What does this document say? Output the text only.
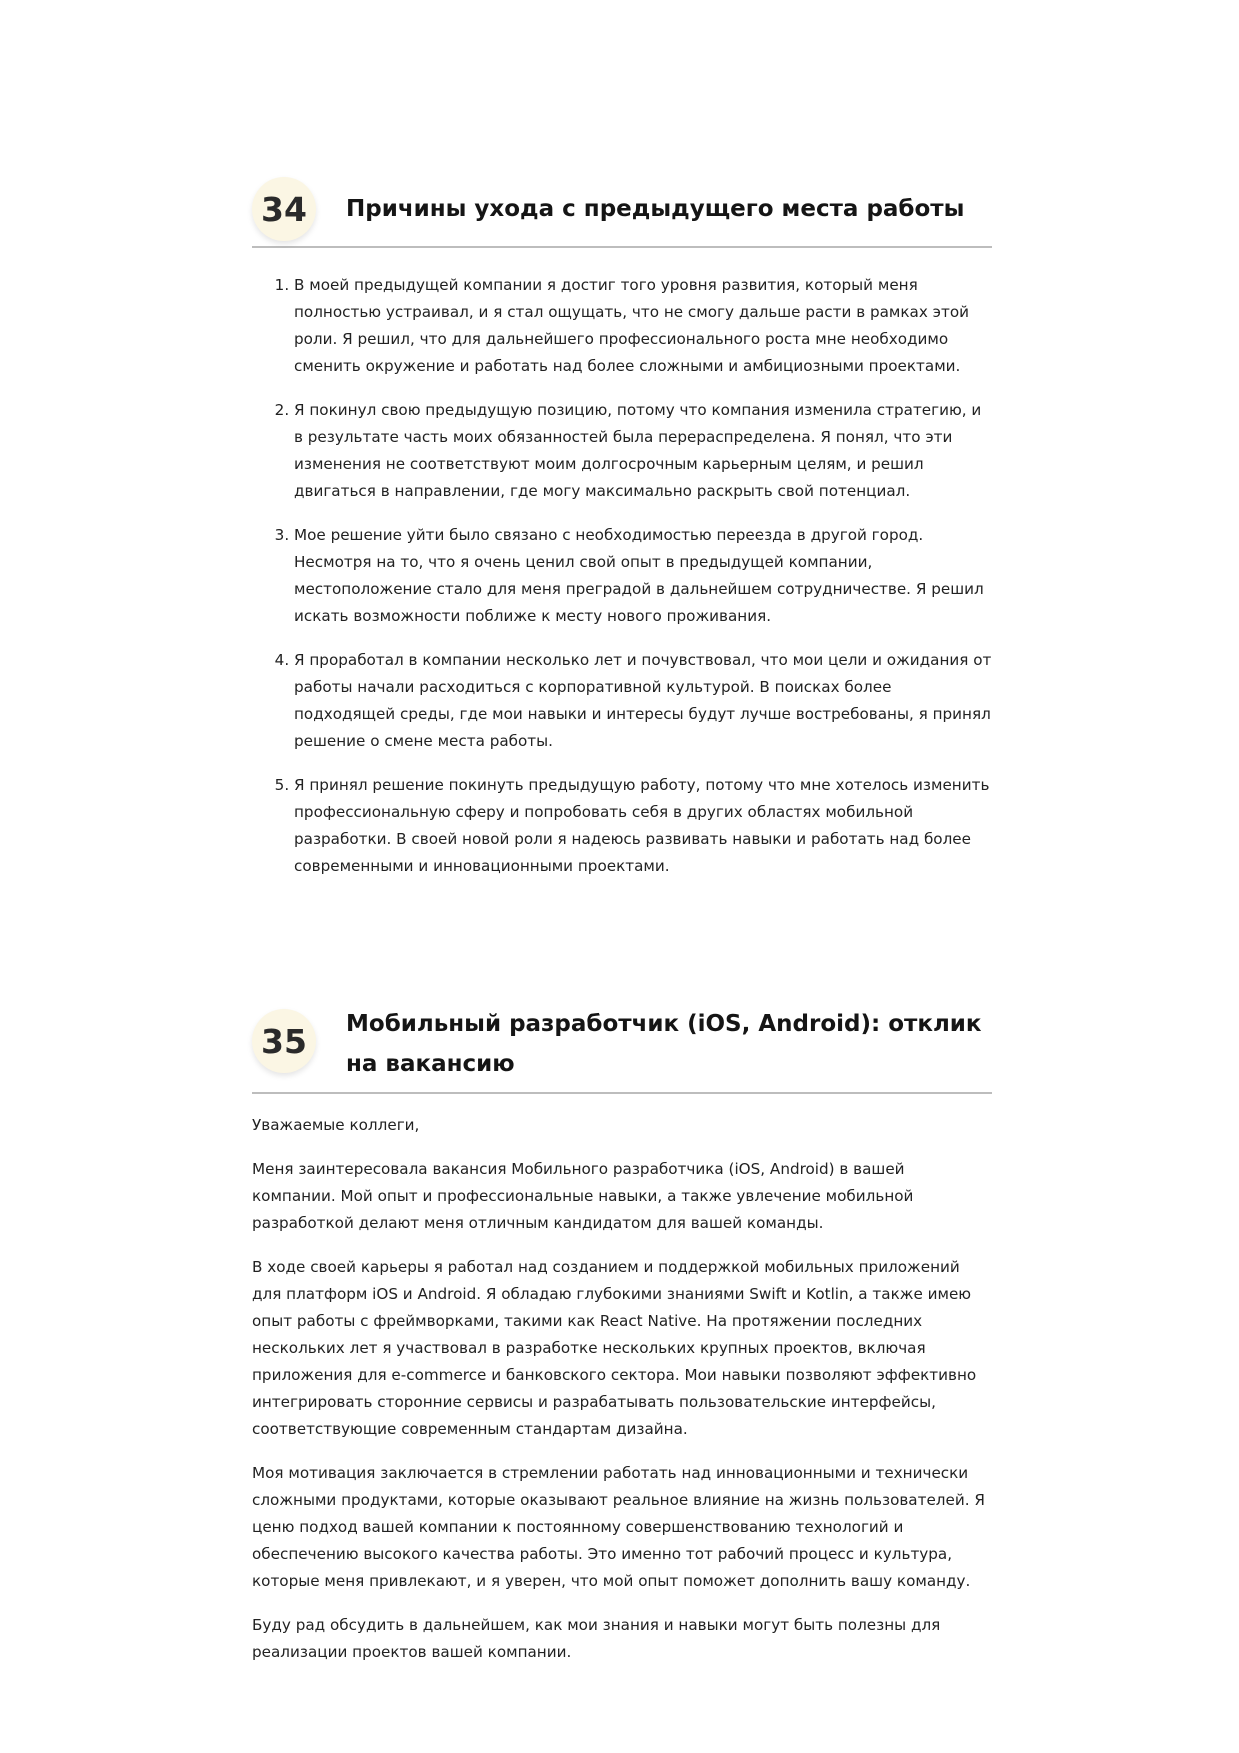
34	Причины ухода с предыдущего места работы
1. В моей предыдущей компании я достиг того уровня развития, который меня полностью устраивал, и я стал ощущать, что не смогу дальше расти в рамках этой роли. Я решил, что для дальнейшего профессионального роста мне необходимо сменить окружение и работать над более сложными и амбициозными проектами.
2. Я покинул свою предыдущую позицию, потому что компания изменила стратегию, и в результате часть моих обязанностей была перераспределена. Я понял, что эти изменения не соответствуют моим долгосрочным карьерным целям, и решил двигаться в направлении, где могу максимально раскрыть свой потенциал.
3. Мое решение уйти было связано с необходимостью переезда в другой город. Несмотря на то, что я очень ценил свой опыт в предыдущей компании, местоположение стало для меня преградой в дальнейшем сотрудничестве. Я решил искать возможности поближе к месту нового проживания.
4. Я проработал в компании несколько лет и почувствовал, что мои цели и ожидания от работы начали расходиться с корпоративной культурой. В поисках более подходящей среды, где мои навыки и интересы будут лучше востребованы, я принял решение о смене места работы.
5. Я принял решение покинуть предыдущую работу, потому что мне хотелось изменить профессиональную сферу и попробовать себя в других областях мобильной разработки. В своей новой роли я надеюсь развивать навыки и работать над более современными и инновационными проектами.
35	Мобильный разработчик (iOS, Android): отклик на вакансию

Уважаемые коллеги,

Меня заинтересовала вакансия Мобильного разработчика (iOS, Android) в вашей компании. Мой опыт и профессиональные навыки, а также увлечение мобильной разработкой делают меня отличным кандидатом для вашей команды.

В ходе своей карьеры я работал над созданием и поддержкой мобильных приложений для платформ iOS и Android. Я обладаю глубокими знаниями Swift и Kotlin, а также имею опыт работы с фреймворками, такими как React Native. На протяжении последних нескольких лет я участвовал в разработке нескольких крупных проектов, включая приложения для e-commerce и банковского сектора. Мои навыки позволяют эффективно интегрировать сторонние сервисы и разрабатывать пользовательские интерфейсы, соответствующие современным стандартам дизайна.

Моя мотивация заключается в стремлении работать над инновационными и технически сложными продуктами, которые оказывают реальное влияние на жизнь пользователей. Я ценю подход вашей компании к постоянному совершенствованию технологий и обеспечению высокого качества работы. Это именно тот рабочий процесс и культура, которые меня привлекают, и я уверен, что мой опыт поможет дополнить вашу команду.

Буду рад обсудить в дальнейшем, как мои знания и навыки могут быть полезны для реализации проектов вашей компании.
